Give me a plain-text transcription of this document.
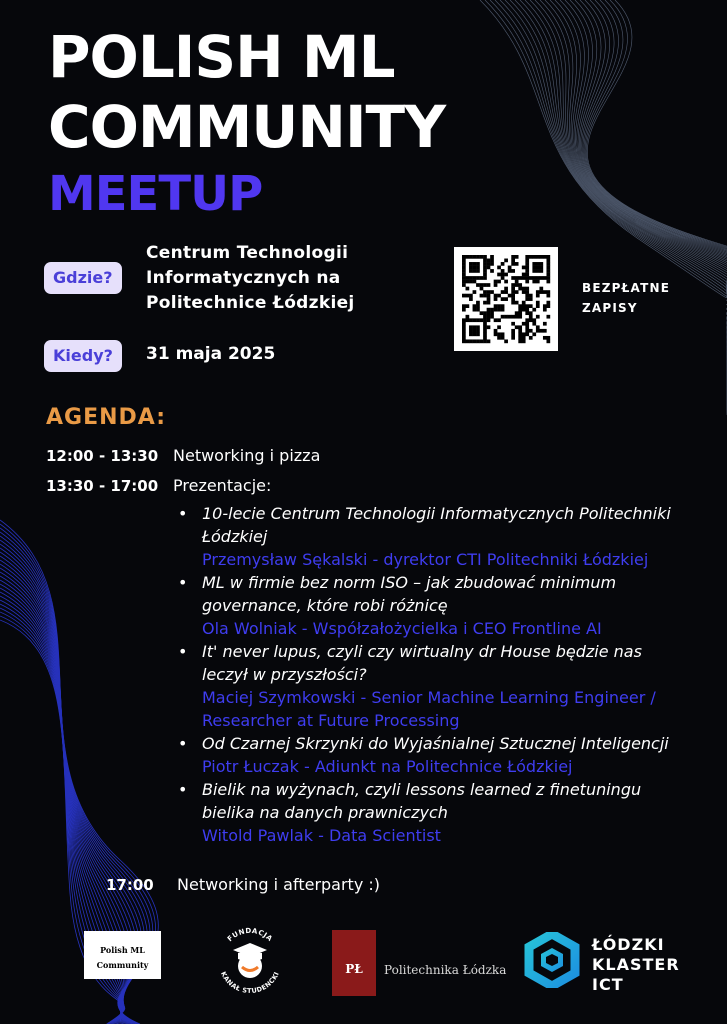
POLISH ML
COMMUNITY
MEETUP
Gdzie?
Centrum Technologii Informatycznych na Politechnice Łódzkiej
Kiedy?	31 maja 2025
BEZPŁATNE
ZAPISY
AGENDA:
12:00 - 13:30 Networking i pizza
13:30 - 17:00 Prezentacje:
• 10-lecie Centrum Technologii Informatycznych Politechniki Łódzkiej
Przemysław Sękalski - dyrektor CTI Politechniki Łódzkiej
• ML w firmie bez norm ISO – jak zbudować minimum governance, które robi różnicę
Ola Wolniak - Współzałożycielka i CEO Frontline AI
• It' never lupus, czyli czy wirtualny dr House będzie nas leczył w przyszłości?
Maciej Szymkowski - Senior Machine Learning Engineer / Researcher at Future Processing
• Od Czarnej Skrzynki do Wyjaśnialnej Sztucznej Inteligencji
Piotr Łuczak - Adiunkt na Politechnice Łódzkiej
• Bielik na wyżynach, czyli lessons learned z finetuningu bielika na danych prawniczych
Witold Pawlak - Data Scientist
17:00 Networking i afterparty :)
Polish ML
Community
FUNDACJA
KANAŁ STUDENCKI	PŁ	Politechnika Łódzka
ŁÓDZKI
KLASTER
ICT
